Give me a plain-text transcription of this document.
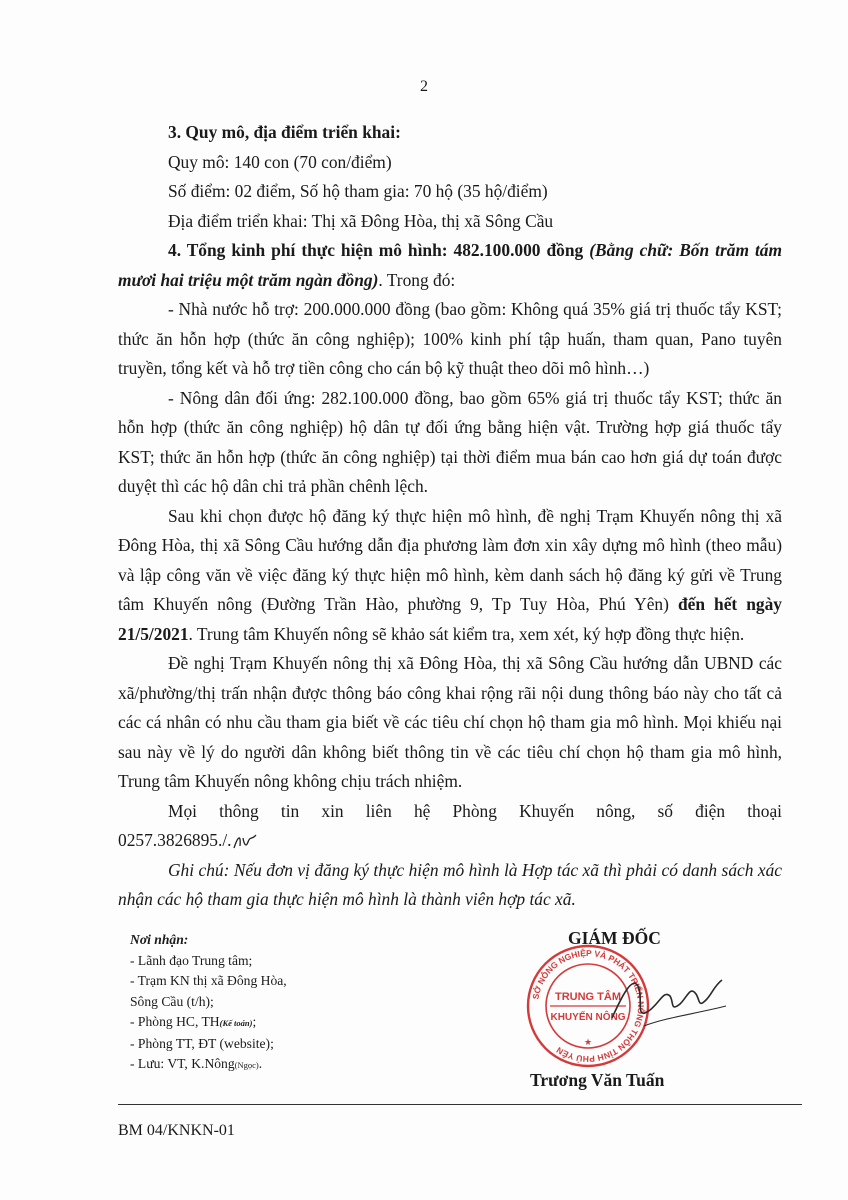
2

3. Quy mô, địa điểm triển khai:

Quy mô: 140 con (70 con/điểm)

Số điểm: 02 điểm, Số hộ tham gia: 70 hộ (35 hộ/điểm)

Địa điểm triển khai: Thị xã Đông Hòa, thị xã Sông Cầu

4. Tổng kinh phí thực hiện mô hình: 482.100.000 đồng (Bằng chữ: Bốn trăm tám mươi hai triệu một trăm ngàn đồng). Trong đó:

- Nhà nước hỗ trợ: 200.000.000 đồng (bao gồm: Không quá 35% giá trị thuốc tẩy KST; thức ăn hỗn hợp (thức ăn công nghiệp); 100% kinh phí tập huấn, tham quan, Pano tuyên truyền, tổng kết và hỗ trợ tiền công cho cán bộ kỹ thuật theo dõi mô hình…)

- Nông dân đối ứng: 282.100.000 đồng, bao gồm 65% giá trị thuốc tẩy KST; thức ăn hỗn hợp (thức ăn công nghiệp) hộ dân tự đối ứng bằng hiện vật. Trường hợp giá thuốc tẩy KST; thức ăn hỗn hợp (thức ăn công nghiệp) tại thời điểm mua bán cao hơn giá dự toán được duyệt thì các hộ dân chi trả phần chênh lệch.

Sau khi chọn được hộ đăng ký thực hiện mô hình, đề nghị Trạm Khuyến nông thị xã Đông Hòa, thị xã Sông Cầu hướng dẫn địa phương làm đơn xin xây dựng mô hình (theo mẫu) và lập công văn về việc đăng ký thực hiện mô hình, kèm danh sách hộ đăng ký gửi về Trung tâm Khuyến nông (Đường Trần Hào, phường 9, Tp Tuy Hòa, Phú Yên) đến hết ngày 21/5/2021. Trung tâm Khuyến nông sẽ khảo sát kiểm tra, xem xét, ký hợp đồng thực hiện.

Đề nghị Trạm Khuyến nông thị xã Đông Hòa, thị xã Sông Cầu hướng dẫn UBND các xã/phường/thị trấn nhận được thông báo công khai rộng rãi nội dung thông báo này cho tất cả các cá nhân có nhu cầu tham gia biết về các tiêu chí chọn hộ tham gia mô hình. Mọi khiếu nại sau này về lý do người dân không biết thông tin về các tiêu chí chọn hộ tham gia mô hình, Trung tâm Khuyến nông không chịu trách nhiệm.

Mọi thông tin xin liên hệ Phòng Khuyến nông, số điện thoại

0257.3826895./.

Ghi chú: Nếu đơn vị đăng ký thực hiện mô hình là Hợp tác xã thì phải có danh sách xác nhận các hộ tham gia thực hiện mô hình là thành viên hợp tác xã.

Nơi nhận:
- Lãnh đạo Trung tâm;
- Trạm KN thị xã Đông Hòa,
Sông Cầu (t/h);
- Phòng HC, TH(Kế toán);
- Phòng TT, ĐT (website);
- Lưu: VT, K.Nông(Ngọc).
GIÁM ĐỐC
SỞ NÔNG NGHIỆP VÀ PHÁT TRIỂN NÔNG THÔN TỈNH PHÚ YÊN
TRUNG TÂM
KHUYẾN NÔNG
★
Trương Văn Tuấn
BM 04/KNKN-01
